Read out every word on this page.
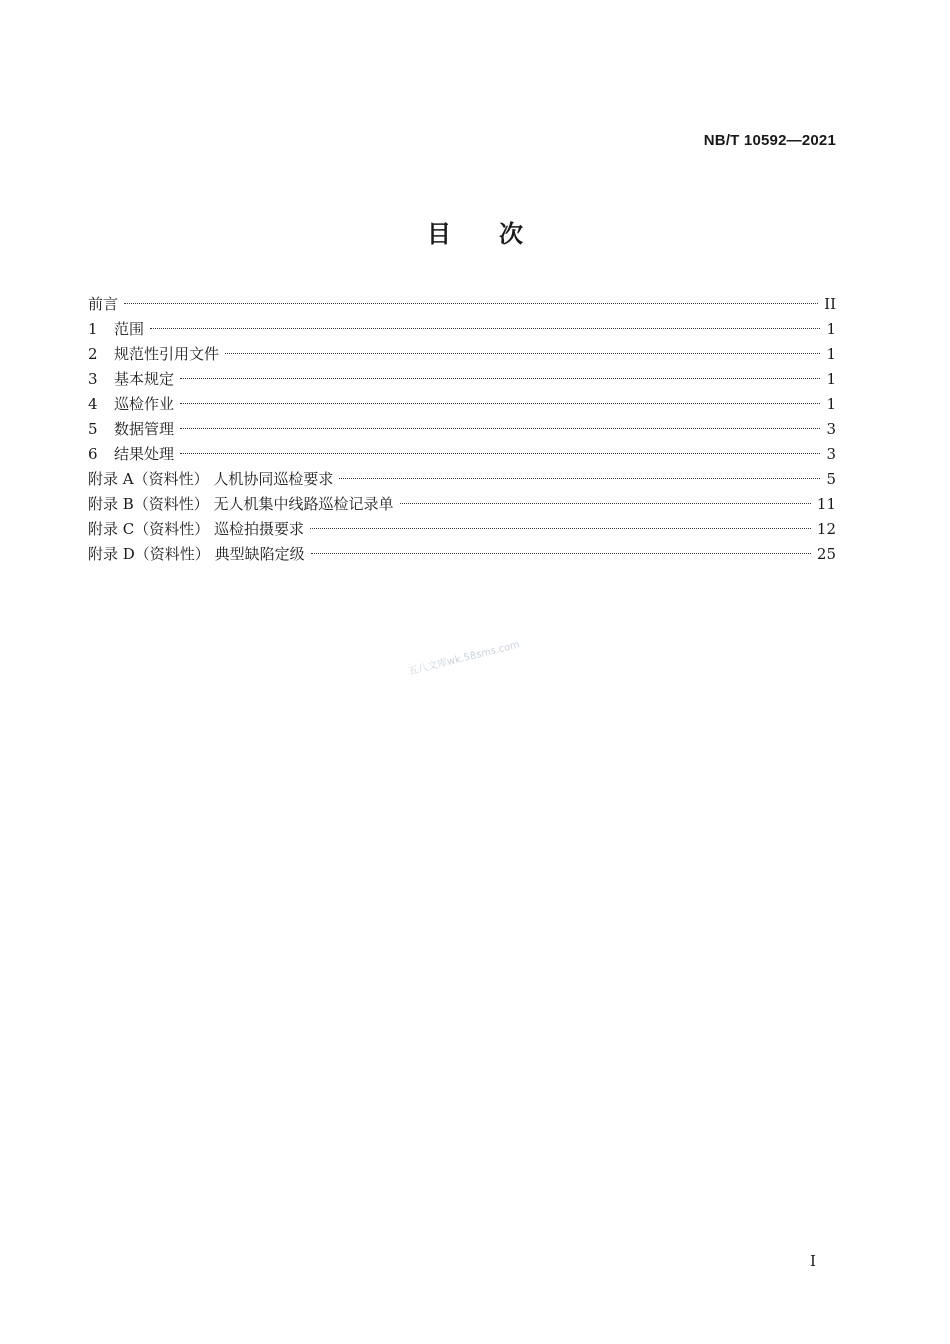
NB/T 10592—2021
目 次
前言	II
1	范围	1
2	规范性引用文件	1
3	基本规定	1
4	巡检作业	1
5	数据管理	3
6	结果处理	3
附录 A（资料性） 人机协同巡检要求	5
附录 B（资料性） 无人机集中线路巡检记录单	11
附录 C（资料性） 巡检拍摄要求	12
附录 D（资料性） 典型缺陷定级	25
五八文库wk.58sms.com
I
